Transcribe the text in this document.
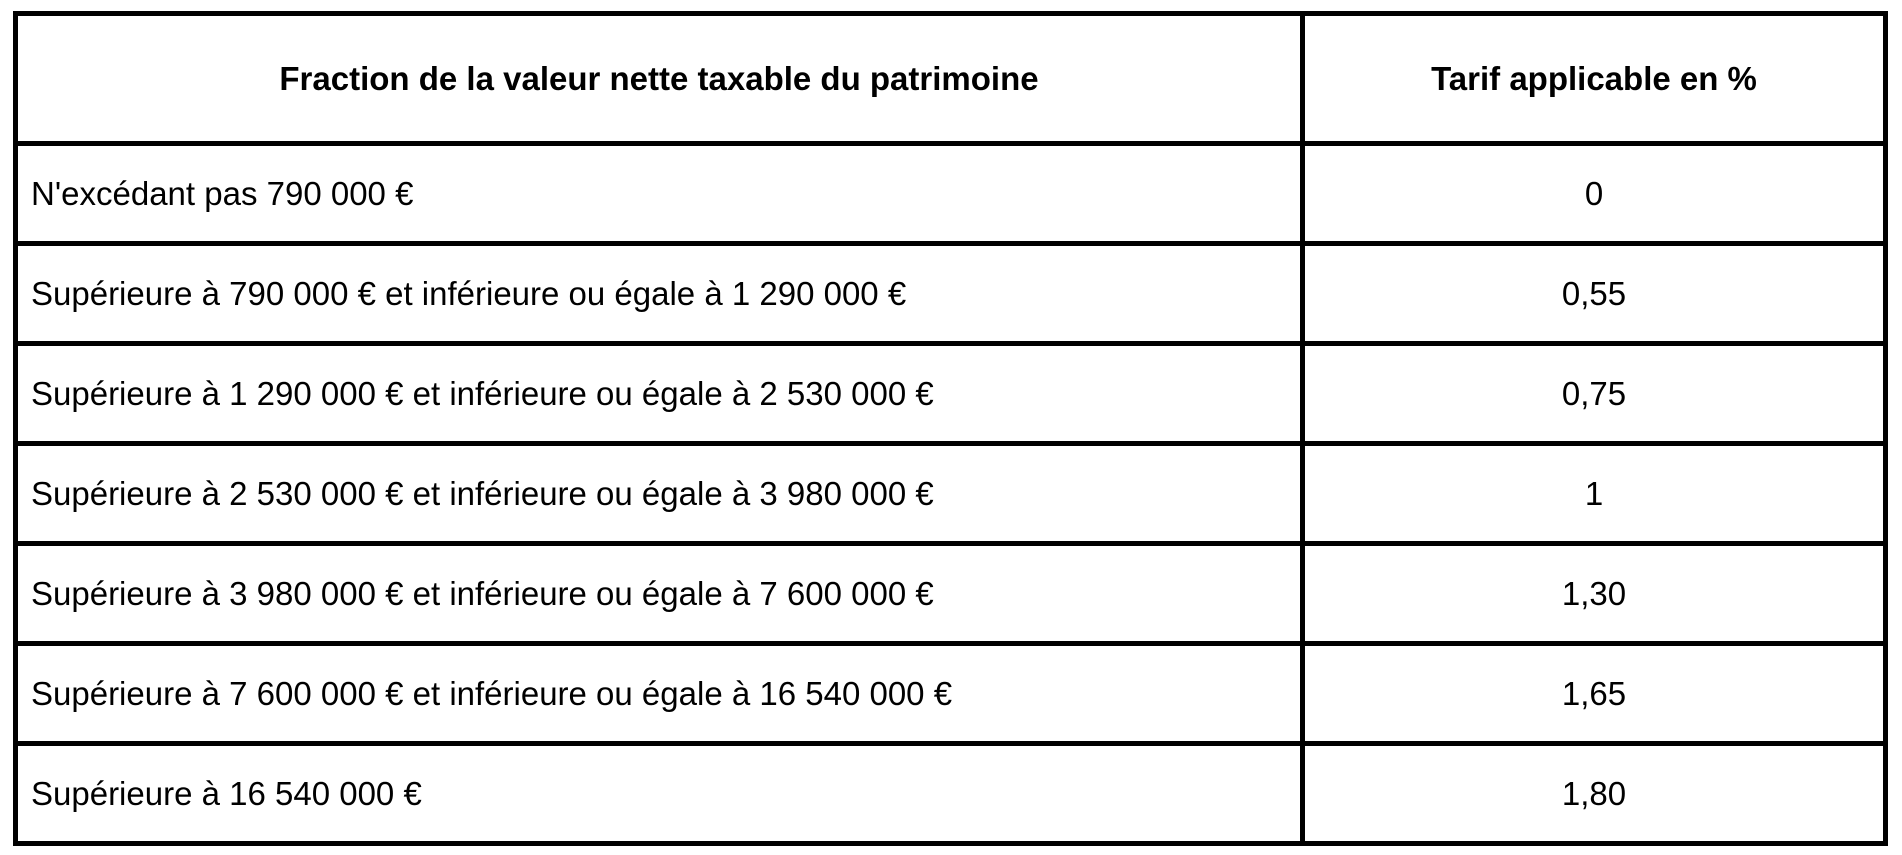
Fraction de la valeur nette taxable du patrimoine	Tarif applicable en %
N'excédant pas 790 000 €	0
Supérieure à 790 000 € et inférieure ou égale à 1 290 000 €	0,55
Supérieure à 1 290 000 € et inférieure ou égale à 2 530 000 €	0,75
Supérieure à 2 530 000 € et inférieure ou égale à 3 980 000 €	1
Supérieure à 3 980 000 € et inférieure ou égale à 7 600 000 €	1,30
Supérieure à 7 600 000 € et inférieure ou égale à 16 540 000 €	1,65
Supérieure à 16 540 000 €	1,80
